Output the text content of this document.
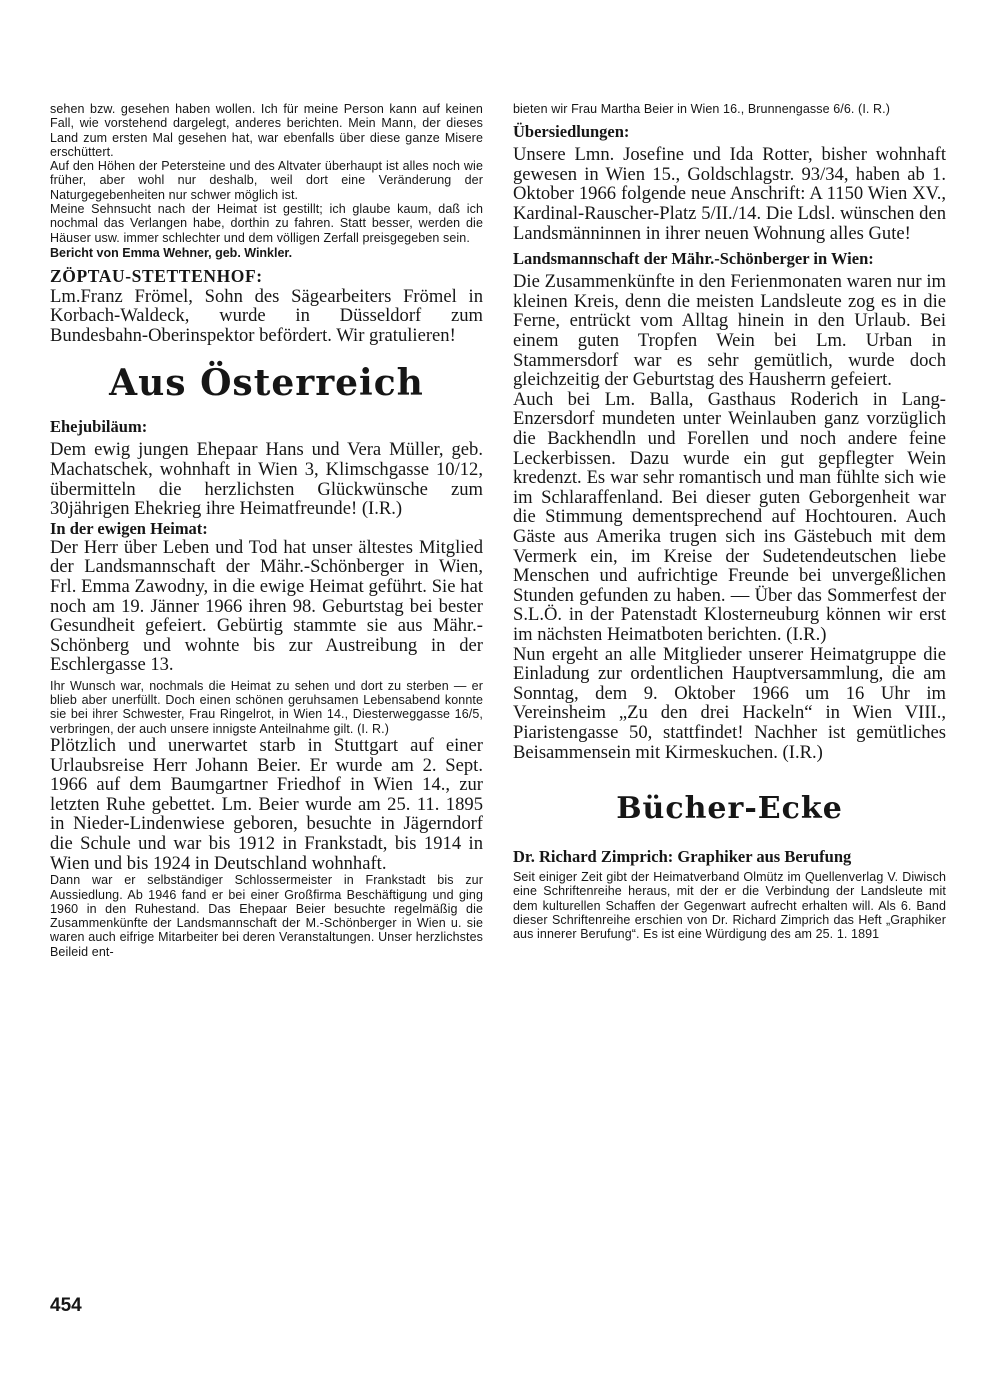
sehen bzw. gesehen haben wollen. Ich für meine Person kann auf keinen Fall, wie vorstehend dargelegt, anderes berichten. Mein Mann, der dieses Land zum ersten Mal gesehen hat, war ebenfalls über diese ganze Misere erschüttert.

Auf den Höhen der Petersteine und des Altvater überhaupt ist alles noch wie früher, aber wohl nur deshalb, weil dort eine Veränderung der Naturgegebenheiten nur schwer möglich ist.

Meine Sehnsucht nach der Heimat ist gestillt; ich glaube kaum, daß ich nochmal das Verlangen habe, dorthin zu fahren. Statt besser, werden die Häuser usw. immer schlechter und dem völligen Zerfall preisgegeben sein.

Bericht von Emma Wehner, geb. Winkler.

ZÖPTAU-STETTENHOF:

Lm.Franz Frömel, Sohn des Sägearbeiters Frömel in Korbach-Waldeck, wurde in Düsseldorf zum Bundesbahn-Oberinspektor befördert. Wir gratulieren!

Aus Österreich

Ehejubiläum:

Dem ewig jungen Ehepaar Hans und Vera Müller, geb. Machatschek, wohnhaft in Wien 3, Klimschgasse 10/12, übermitteln die herzlichsten Glückwünsche zum 30jährigen Ehekrieg ihre Heimatfreunde! (I.R.)

In der ewigen Heimat:

Der Herr über Leben und Tod hat unser ältestes Mitglied der Landsmannschaft der Mähr.-Schönberger in Wien, Frl. Emma Zawodny, in die ewige Heimat geführt. Sie hat noch am 19. Jänner 1966 ihren 98. Geburtstag bei bester Gesundheit gefeiert. Gebürtig stammte sie aus Mähr.-Schönberg und wohnte bis zur Austreibung in der Eschlergasse 13.

Ihr Wunsch war, nochmals die Heimat zu sehen und dort zu sterben — er blieb aber unerfüllt. Doch einen schönen geruhsamen Lebensabend konnte sie bei ihrer Schwester, Frau Ringelrot, in Wien 14., Diesterweggasse 16/5, verbringen, der auch unsere innigste Anteilnahme gilt. (I. R.)

Plötzlich und unerwartet starb in Stuttgart auf einer Urlaubsreise Herr Johann Beier. Er wurde am 2. Sept. 1966 auf dem Baumgartner Friedhof in Wien 14., zur letzten Ruhe gebettet. Lm. Beier wurde am 25. 11. 1895 in Nieder-Lindenwiese geboren, besuchte in Jägerndorf die Schule und war bis 1912 in Frankstadt, bis 1914 in Wien und bis 1924 in Deutschland wohnhaft.

Dann war er selbständiger Schlossermeister in Frankstadt bis zur Aussiedlung. Ab 1946 fand er bei einer Großfirma Beschäftigung und ging 1960 in den Ruhestand. Das Ehepaar Beier besuchte regelmäßig die Zusammenkünfte der Landsmannschaft der M.-Schönberger in Wien u. sie waren auch eifrige Mitarbeiter bei deren Veranstaltungen. Unser herzlichstes Beileid ent-

bieten wir Frau Martha Beier in Wien 16., Brunnengasse 6/6. (I. R.)

Übersiedlungen:

Unsere Lmn. Josefine und Ida Rotter, bisher wohnhaft gewesen in Wien 15., Goldschlagstr. 93/34, haben ab 1. Oktober 1966 folgende neue Anschrift: A 1150 Wien XV., Kardinal-Rauscher-Platz 5/II./14. Die Ldsl. wünschen den Landsmänninnen in ihrer neuen Wohnung alles Gute!

Landsmannschaft der Mähr.-Schönberger in Wien:

Die Zusammenkünfte in den Ferienmonaten waren nur im kleinen Kreis, denn die meisten Landsleute zog es in die Ferne, entrückt vom Alltag hinein in den Urlaub. Bei einem guten Tropfen Wein bei Lm. Urban in Stammersdorf war es sehr gemütlich, wurde doch gleichzeitig der Geburtstag des Hausherrn gefeiert.

Auch bei Lm. Balla, Gasthaus Roderich in Lang-Enzersdorf mundeten unter Weinlauben ganz vorzüglich die Backhendln und Forellen und noch andere feine Leckerbissen. Dazu wurde ein gut gepflegter Wein kredenzt. Es war sehr romantisch und man fühlte sich wie im Schlaraffenland. Bei dieser guten Geborgenheit war die Stimmung dementsprechend auf Hochtouren. Auch Gäste aus Amerika trugen sich ins Gästebuch mit dem Vermerk ein, im Kreise der Sudetendeutschen liebe Menschen und aufrichtige Freunde bei unvergeßlichen Stunden gefunden zu haben. — Über das Sommerfest der S.L.Ö. in der Patenstadt Klosterneuburg können wir erst im nächsten Heimatboten berichten. (I.R.)

Nun ergeht an alle Mitglieder unserer Heimatgruppe die Einladung zur ordentlichen Hauptversammlung, die am Sonntag, dem 9. Oktober 1966 um 16 Uhr im Vereinsheim „Zu den drei Hackeln“ in Wien VIII., Piaristengasse 50, stattfindet! Nachher ist gemütliches Beisammensein mit Kirmeskuchen. (I.R.)

Bücher-Ecke

Dr. Richard Zimprich: Graphiker aus Berufung

Seit einiger Zeit gibt der Heimatverband Olmütz im Quellenverlag V. Diwisch eine Schriftenreihe heraus, mit der er die Verbindung der Landsleute mit dem kulturellen Schaffen der Gegenwart aufrecht erhalten will. Als 6. Band dieser Schriftenreihe erschien von Dr. Richard Zimprich das Heft „Graphiker aus innerer Berufung“. Es ist eine Würdigung des am 25. 1. 1891

454
